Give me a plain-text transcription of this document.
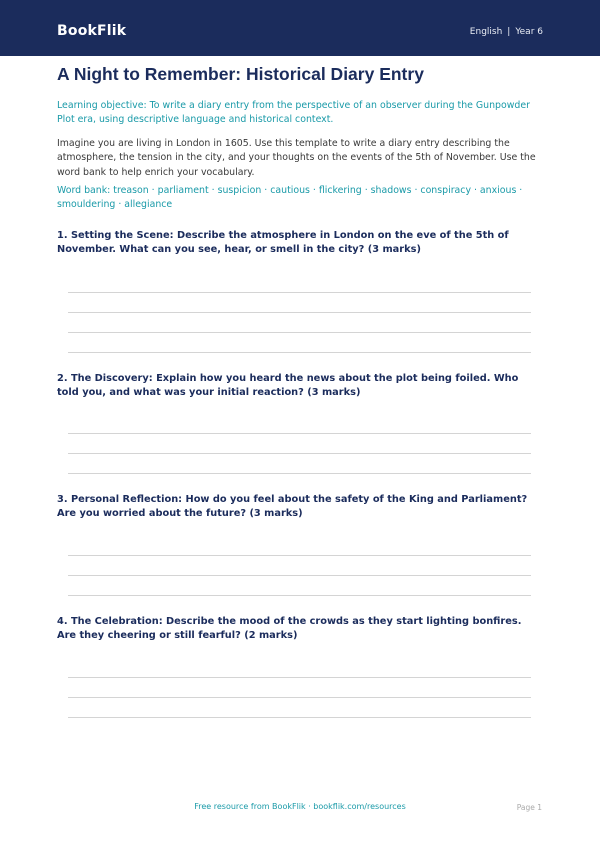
BookFlik	English | Year 6
A Night to Remember: Historical Diary Entry
Learning objective: To write a diary entry from the perspective of an observer during the Gunpowder Plot era, using descriptive language and historical context.
Imagine you are living in London in 1605. Use this template to write a diary entry describing the atmosphere, the tension in the city, and your thoughts on the events of the 5th of November. Use the word bank to help enrich your vocabulary.
Word bank: treason · parliament · suspicion · cautious · flickering · shadows · conspiracy · anxious · smouldering · allegiance
1. Setting the Scene: Describe the atmosphere in London on the eve of the 5th of November. What can you see, hear, or smell in the city? (3 marks)
2. The Discovery: Explain how you heard the news about the plot being foiled. Who told you, and what was your initial reaction? (3 marks)
3. Personal Reflection: How do you feel about the safety of the King and Parliament? Are you worried about the future? (3 marks)
4. The Celebration: Describe the mood of the crowds as they start lighting bonfires. Are they cheering or still fearful? (2 marks)
Free resource from BookFlik · bookflik.com/resources	Page 1
